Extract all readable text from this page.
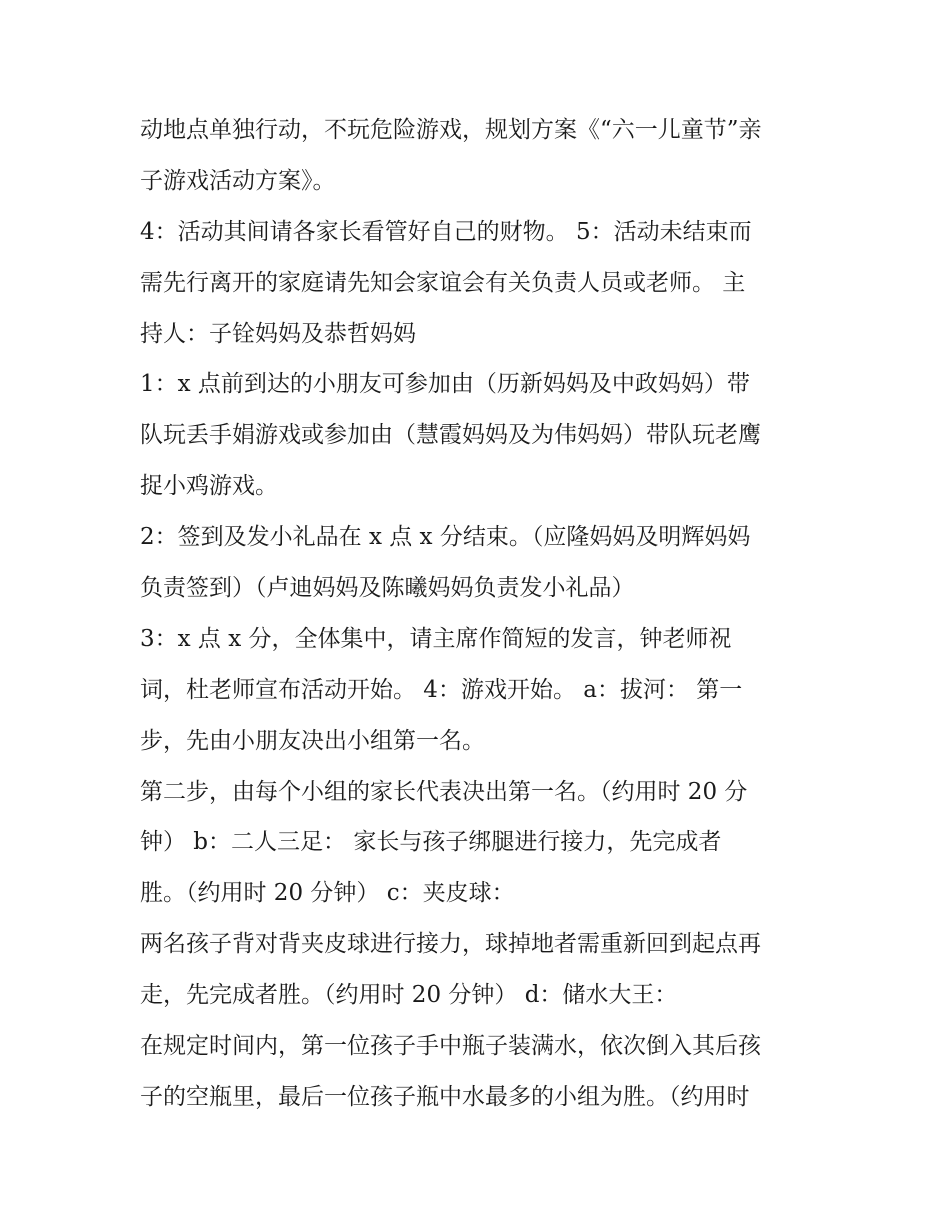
动地点单独行动，不玩危险游戏，规划方案《“六一儿童节”亲
子游戏活动方案》。
4：活动其间请各家长看管好自己的财物。 5：活动未结束而
需先行离开的家庭请先知会家谊会有关负责人员或老师。 主
持人：子铨妈妈及恭哲妈妈
1：x 点前到达的小朋友可参加由（历新妈妈及中政妈妈）带
队玩丢手娟游戏或参加由（慧霞妈妈及为伟妈妈）带队玩老鹰
捉小鸡游戏。
2：签到及发小礼品在 x 点 x 分结束。（应隆妈妈及明辉妈妈
负责签到）（卢迪妈妈及陈曦妈妈负责发小礼品）
3：x 点 x 分，全体集中，请主席作简短的发言，钟老师祝
词，杜老师宣布活动开始。 4：游戏开始。 a：拔河： 第一
步，先由小朋友决出小组第一名。
第二步，由每个小组的家长代表决出第一名。（约用时 20 分
钟） b：二人三足： 家长与孩子绑腿进行接力，先完成者
胜。（约用时 20 分钟） c：夹皮球：
两名孩子背对背夹皮球进行接力，球掉地者需重新回到起点再
走，先完成者胜。（约用时 20 分钟） d：储水大王：
在规定时间内，第一位孩子手中瓶子装满水，依次倒入其后孩
子的空瓶里，最后一位孩子瓶中水最多的小组为胜。（约用时
